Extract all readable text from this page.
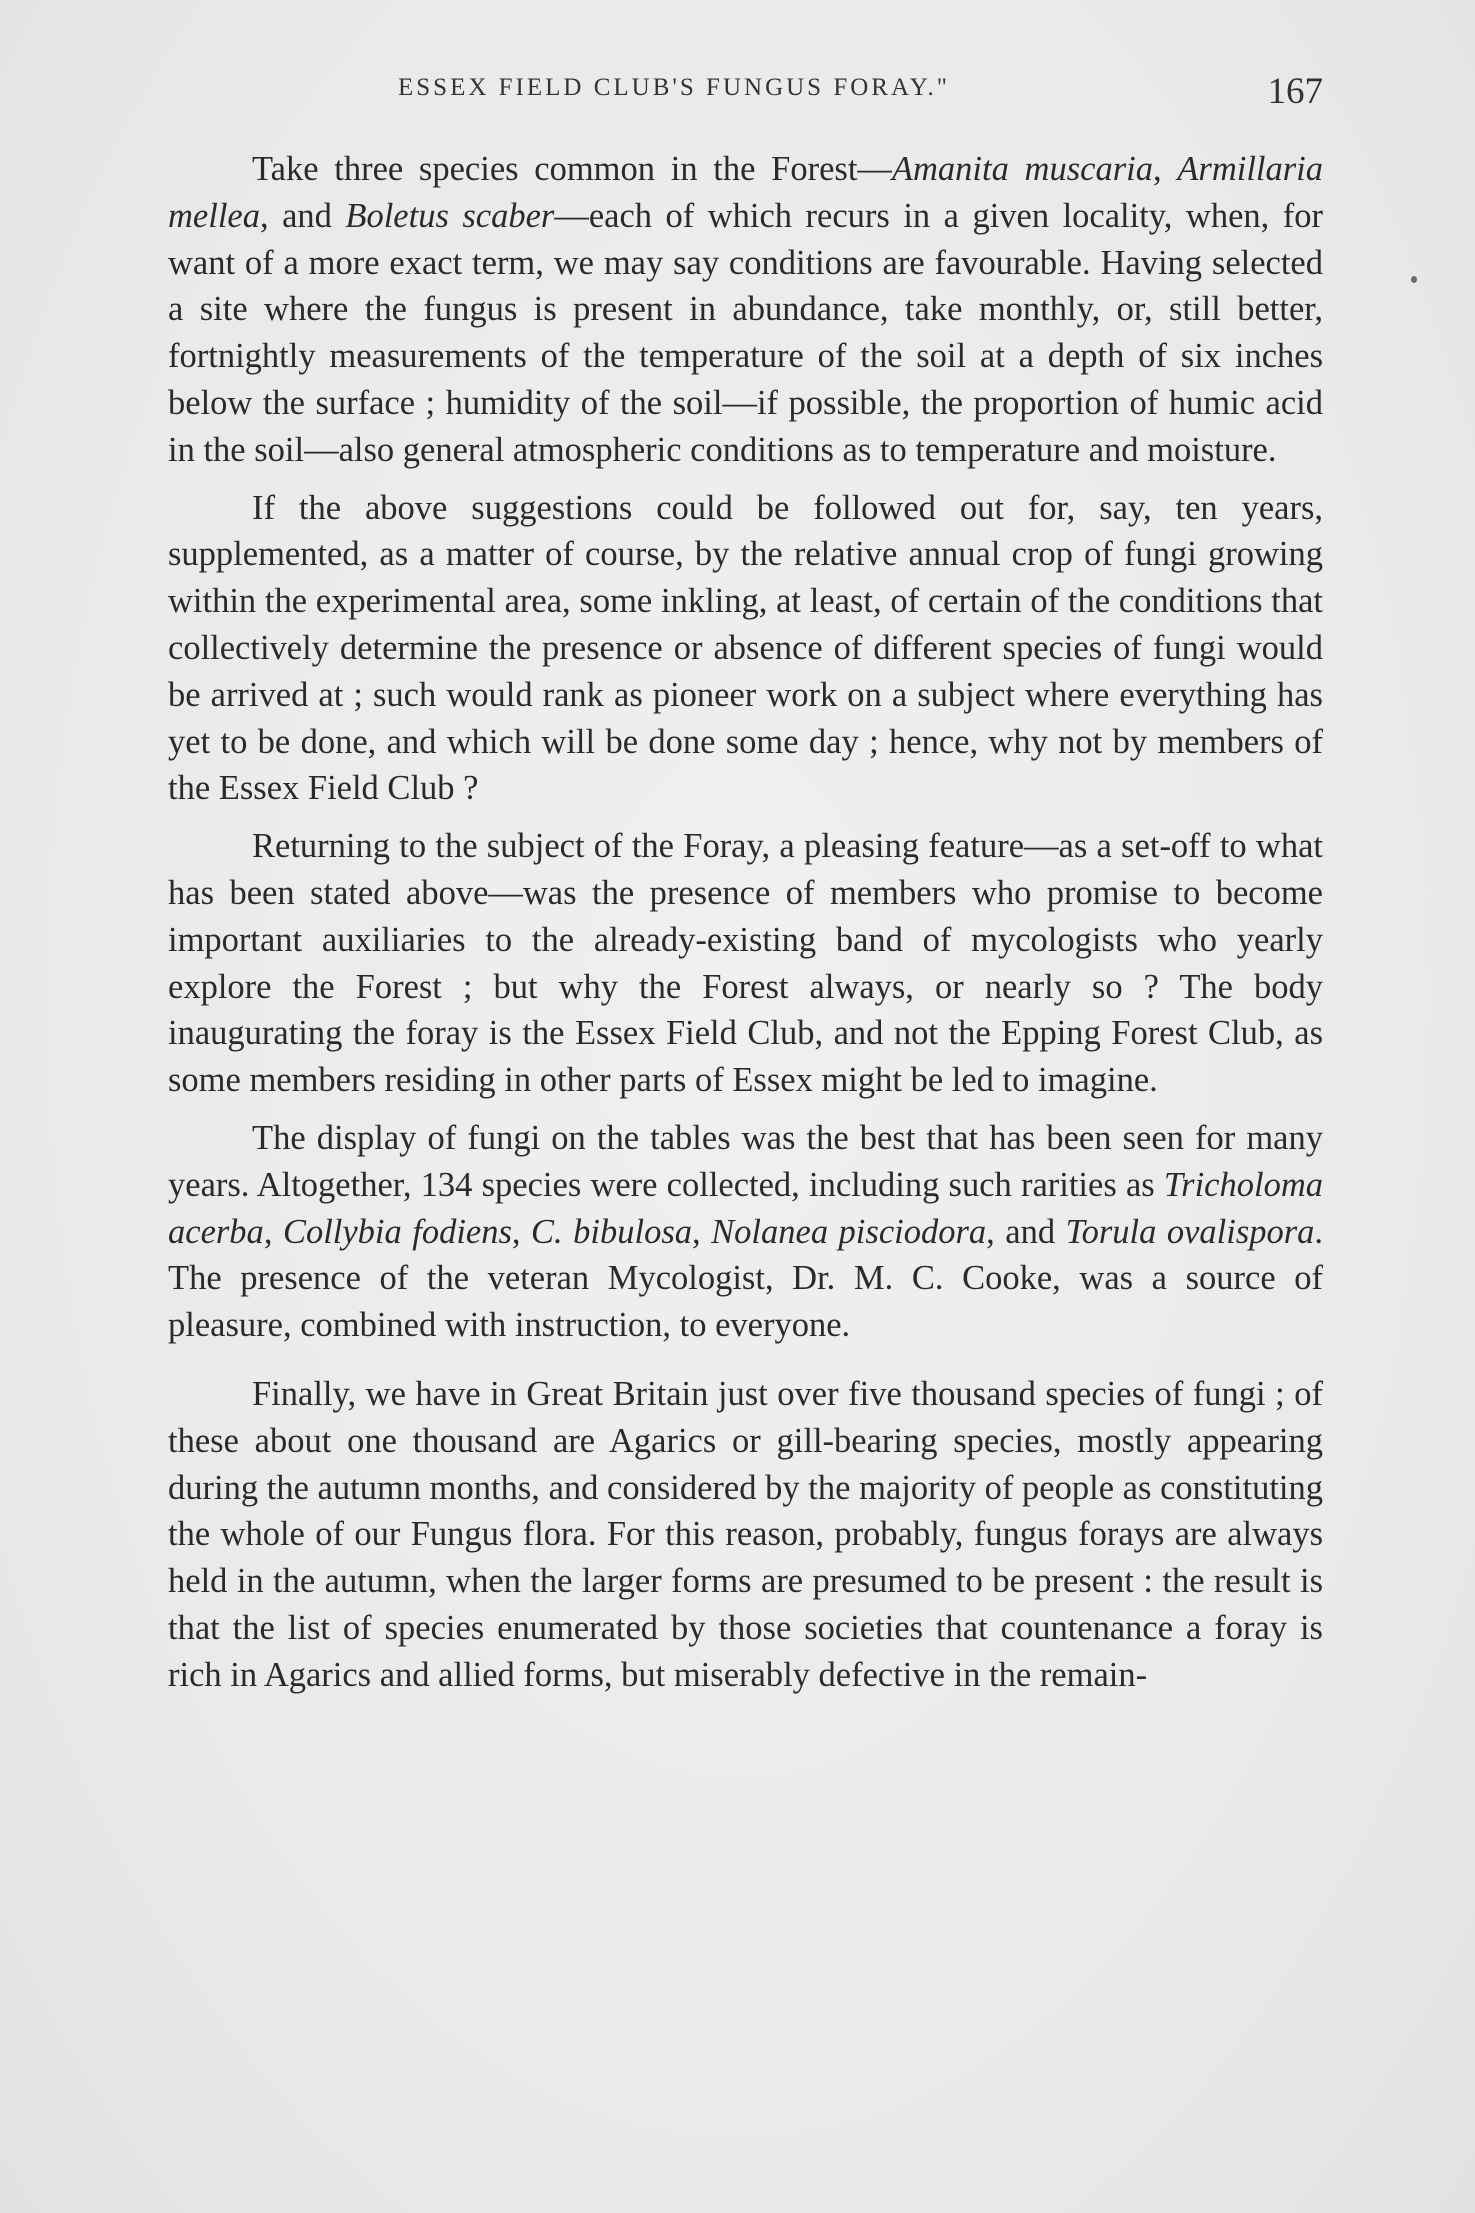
ESSEX FIELD CLUB'S FUNGUS FORAY."	167

Take three species common in the Forest—Amanita muscaria, Armillaria mellea, and Boletus scaber—each of which recurs in a given locality, when, for want of a more exact term, we may say conditions are favourable. Having selected a site where the fungus is present in abundance, take monthly, or, still better, fortnightly measurements of the temperature of the soil at a depth of six inches below the surface ; humidity of the soil—if possible, the proportion of humic acid in the soil—also general atmospheric conditions as to temperature and moisture.

If the above suggestions could be followed out for, say, ten years, supplemented, as a matter of course, by the relative annual crop of fungi growing within the experimental area, some inkling, at least, of certain of the conditions that collectively determine the presence or absence of different species of fungi would be arrived at ; such would rank as pioneer work on a subject where everything has yet to be done, and which will be done some day ; hence, why not by members of the Essex Field Club ?

Returning to the subject of the Foray, a pleasing feature—as a set-off to what has been stated above—was the presence of members who promise to become important auxiliaries to the already-existing band of mycologists who yearly explore the Forest ; but why the Forest always, or nearly so ? The body inaugurating the foray is the Essex Field Club, and not the Epping Forest Club, as some members residing in other parts of Essex might be led to imagine.

The display of fungi on the tables was the best that has been seen for many years. Altogether, 134 species were collected, including such rarities as Tricholoma acerba, Collybia fodiens, C. bibulosa, Nolanea pisciodora, and Torula ovalispora. The presence of the veteran Mycologist, Dr. M. C. Cooke, was a source of pleasure, combined with instruction, to everyone.

Finally, we have in Great Britain just over five thousand species of fungi ; of these about one thousand are Agarics or gill-bearing species, mostly appearing during the autumn months, and considered by the majority of people as constituting the whole of our Fungus flora. For this reason, probably, fungus forays are always held in the autumn, when the larger forms are presumed to be present : the result is that the list of species enumerated by those societies that countenance a foray is rich in Agarics and allied forms, but miserably defective in the remain-
